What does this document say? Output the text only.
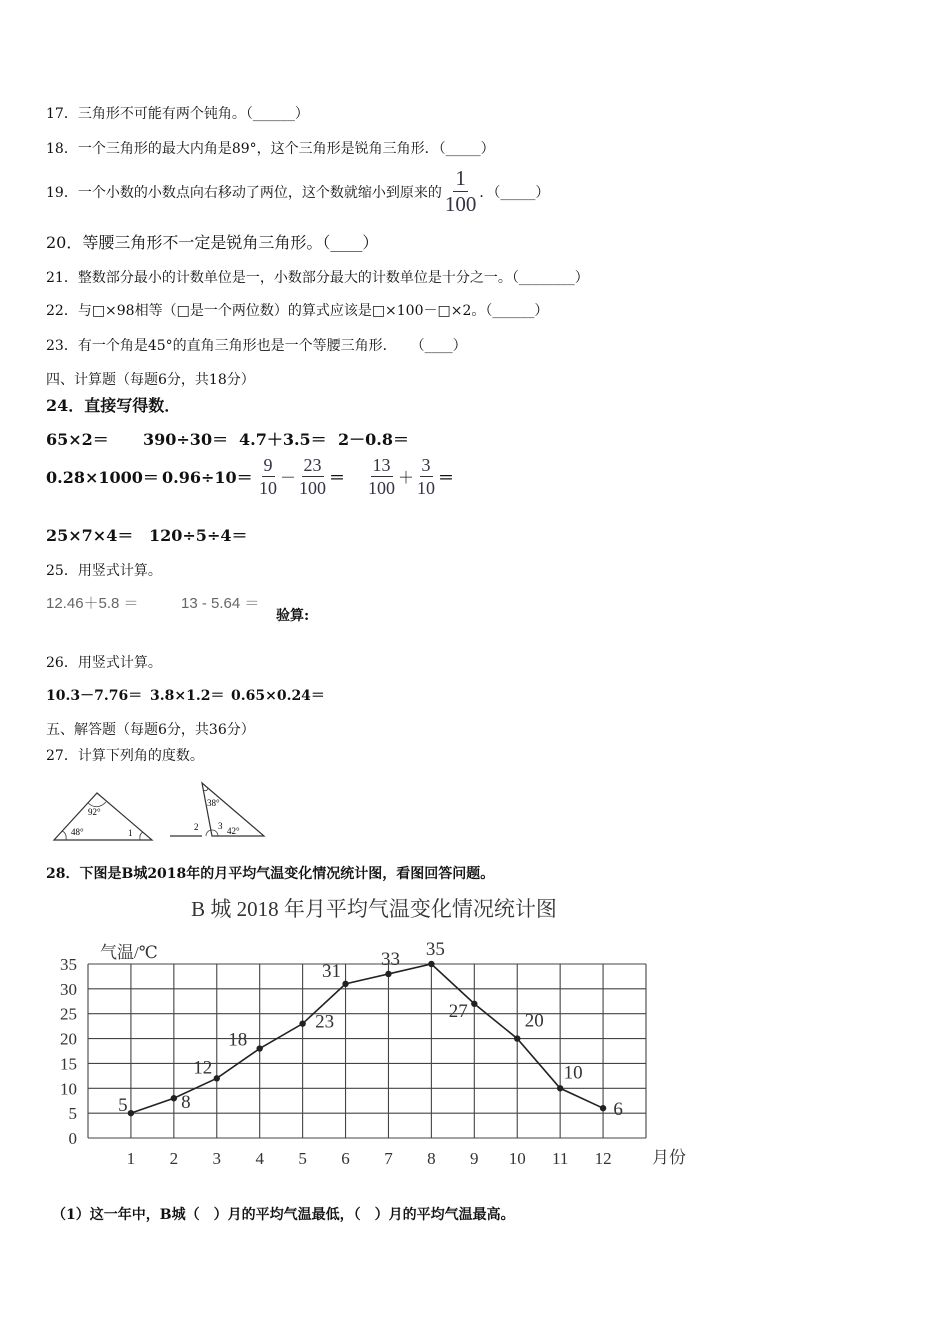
17．三角形不可能有两个钝角。（______）
18．一个三角形的最大内角是89°，这个三角形是锐角三角形．（_____）
19．一个小数的小数点向右移动了两位，这个数就缩小到原来的 $\frac{1}{100}$ ．（_____）
20．等腰三角形不一定是锐角三角形。（____）
21．整数部分最小的计数单位是一，小数部分最大的计数单位是十分之一。（________）
22．与□×98相等（□是一个两位数）的算式应该是□×100－□×2。（______）
23．有一个角是45°的直角三角形也是一个等腰三角形．　　（____）
四、计算题（每题6分，共18分）
24．直接写得数．
65×2＝ 390÷30＝ 4.7＋3.5＝ 2－0.8＝
$0.28\times 1000= 0.96\div 10= \frac{9}{10} - \frac{23}{100} = \frac{13}{100} + \frac{3}{10}$ ＝
25×7×4＝ 120÷5÷4＝
25．用竖式计算。
12.46＋5.8 ＝	13 - 5.64 ＝验算:
26．用竖式计算。
10.3－7.76＝ 3.8×1.2＝ 0.65×0.24＝
五、解答题（每题6分，共36分）
27．计算下列角的度数。
92°
48°	1
38°
2 3 42°
28．下图是B城2018年的月平均气温变化情况统计图，看图回答问题。
B 城 2018 年月平均气温变化情况统计图
气温/℃
月份
0
5
10
15
20
25
30
35
1 2 3 4 5 6 7 8 9 10 11 12
5	8
12
18
23
31
33 35
27	20
10
6
（1）这一年中，B城（　）月的平均气温最低，（　）月的平均气温最高。
